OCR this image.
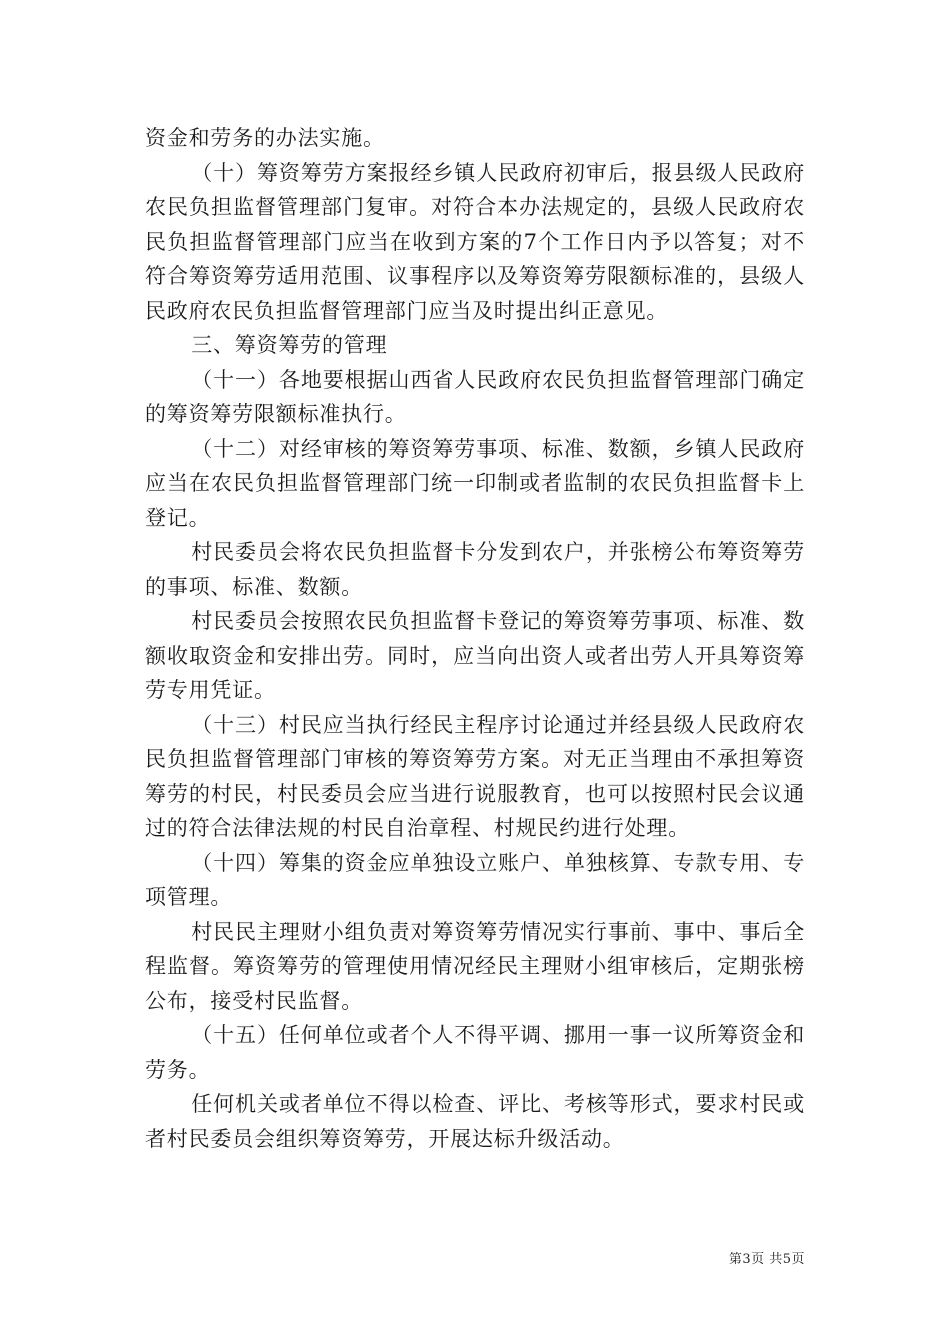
资金和劳务的办法实施。

（十）筹资筹劳方案报经乡镇人民政府初审后，报县级人民政府农民负担监督管理部门复审。对符合本办法规定的，县级人民政府农民负担监督管理部门应当在收到方案的7个工作日内予以答复；对不符合筹资筹劳适用范围、议事程序以及筹资筹劳限额标准的，县级人民政府农民负担监督管理部门应当及时提出纠正意见。

三、筹资筹劳的管理

（十一）各地要根据山西省人民政府农民负担监督管理部门确定的筹资筹劳限额标准执行。

（十二）对经审核的筹资筹劳事项、标准、数额，乡镇人民政府应当在农民负担监督管理部门统一印制或者监制的农民负担监督卡上登记。

村民委员会将农民负担监督卡分发到农户，并张榜公布筹资筹劳的事项、标准、数额。

村民委员会按照农民负担监督卡登记的筹资筹劳事项、标准、数额收取资金和安排出劳。同时，应当向出资人或者出劳人开具筹资筹劳专用凭证。

（十三）村民应当执行经民主程序讨论通过并经县级人民政府农民负担监督管理部门审核的筹资筹劳方案。对无正当理由不承担筹资筹劳的村民，村民委员会应当进行说服教育，也可以按照村民会议通过的符合法律法规的村民自治章程、村规民约进行处理。

（十四）筹集的资金应单独设立账户、单独核算、专款专用、专项管理。

村民民主理财小组负责对筹资筹劳情况实行事前、事中、事后全程监督。筹资筹劳的管理使用情况经民主理财小组审核后，定期张榜公布，接受村民监督。

（十五）任何单位或者个人不得平调、挪用一事一议所筹资金和劳务。

任何机关或者单位不得以检查、评比、考核等形式，要求村民或者村民委员会组织筹资筹劳，开展达标升级活动。

第3页 共5页
